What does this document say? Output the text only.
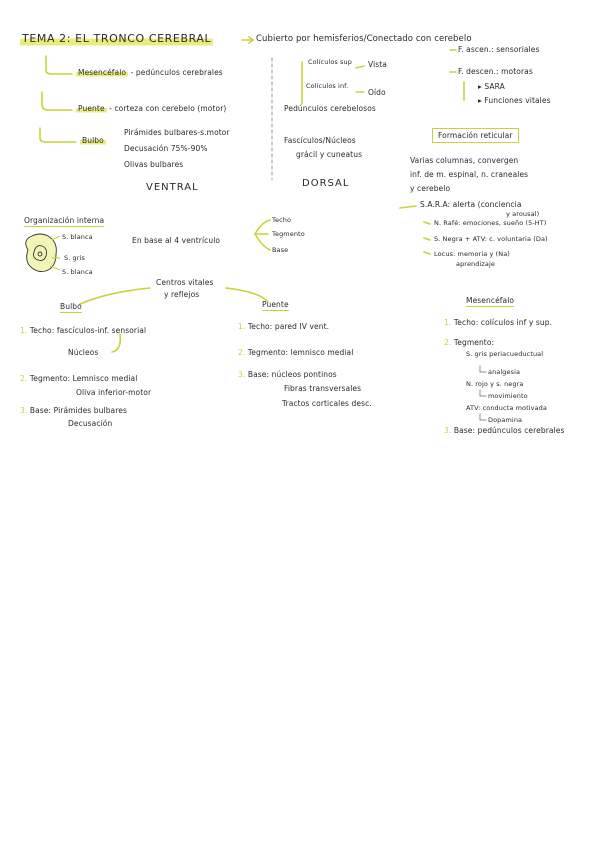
TEMA 2: EL TRONCO CEREBRAL	Cubierto por hemisferios/Conectado con cerebelo
Mesencéfalo - pedúnculos cerebrales
Puente - corteza con cerebelo (motor)
Bulbo
Pirámides bulbares-s.motor
Decusación 75%-90%
Olivas bulbares
VENTRAL
Colículos sup Vista
Colículos inf.
Oído
Pedúnculos cerebelosos
Fascículos/Núcleos
grácil y cuneatus
DORSAL
F. ascen.: sensoriales
F. descen.: motoras
▸ SARA
▸ Funciones vitales
Formación reticular
Varias columnas, convergen
inf. de m. espinal, n. craneales
y cerebelo
S.A.R.A: alerta (conciencia
y arousal)
N. Rafé: emociones, sueño (5-HT)
S. Negra + ATV: c. voluntaria (Da)
Locus: memoria y (Na)
aprendizaje
Organización interna
S. blanca
S. gris
S. blanca
En base al 4 ventrículo
Techo
Tegmento
Base
Centros vitales
y reflejos
Bulbo
1. Techo: fascículos-inf. sensorial
Núcleos
2. Tegmento: Lemnisco medial
Oliva inferior-motor
3. Base: Pirámides bulbares
Decusación
Puente
1. Techo: pared IV vent.
2. Tegmento: lemnisco medial
3. Base: núcleos pontinos
Fibras transversales
Tractos corticales desc.
Mesencéfalo
1. Techo: colículos inf y sup.
2. Tegmento:
S. gris periacueductual
analgesia
N. rojo y s. negra
movimiento
ATV: conducta motivada
Dopamina
3. Base: pedúnculos cerebrales
